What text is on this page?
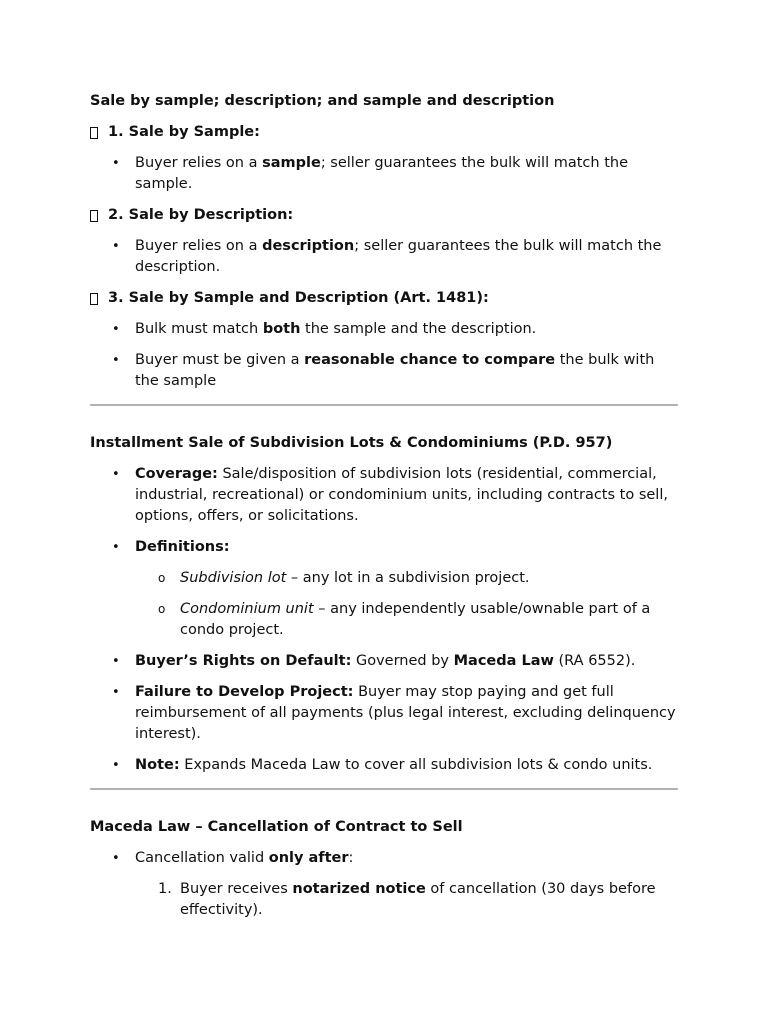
Sale by sample; description; and sample and description
1. Sale by Sample:
• Buyer relies on a sample; seller guarantees the bulk will match the sample.
2. Sale by Description:
• Buyer relies on a description; seller guarantees the bulk will match the description.
3. Sale by Sample and Description (Art. 1481):
• Bulk must match both the sample and the description.
• Buyer must be given a reasonable chance to compare the bulk with the sample
Installment Sale of Subdivision Lots & Condominiums (P.D. 957)
• Coverage: Sale/disposition of subdivision lots (residential, commercial, industrial, recreational) or condominium units, including contracts to sell, options, offers, or solicitations.
• Definitions:
o Subdivision lot – any lot in a subdivision project.
o Condominium unit – any independently usable/ownable part of a condo project.
• Buyer’s Rights on Default: Governed by Maceda Law (RA 6552).
• Failure to Develop Project: Buyer may stop paying and get full reimbursement of all payments (plus legal interest, excluding delinquency interest).
• Note: Expands Maceda Law to cover all subdivision lots & condo units.
Maceda Law – Cancellation of Contract to Sell
• Cancellation valid only after:
1. Buyer receives notarized notice of cancellation (30 days before effectivity).
